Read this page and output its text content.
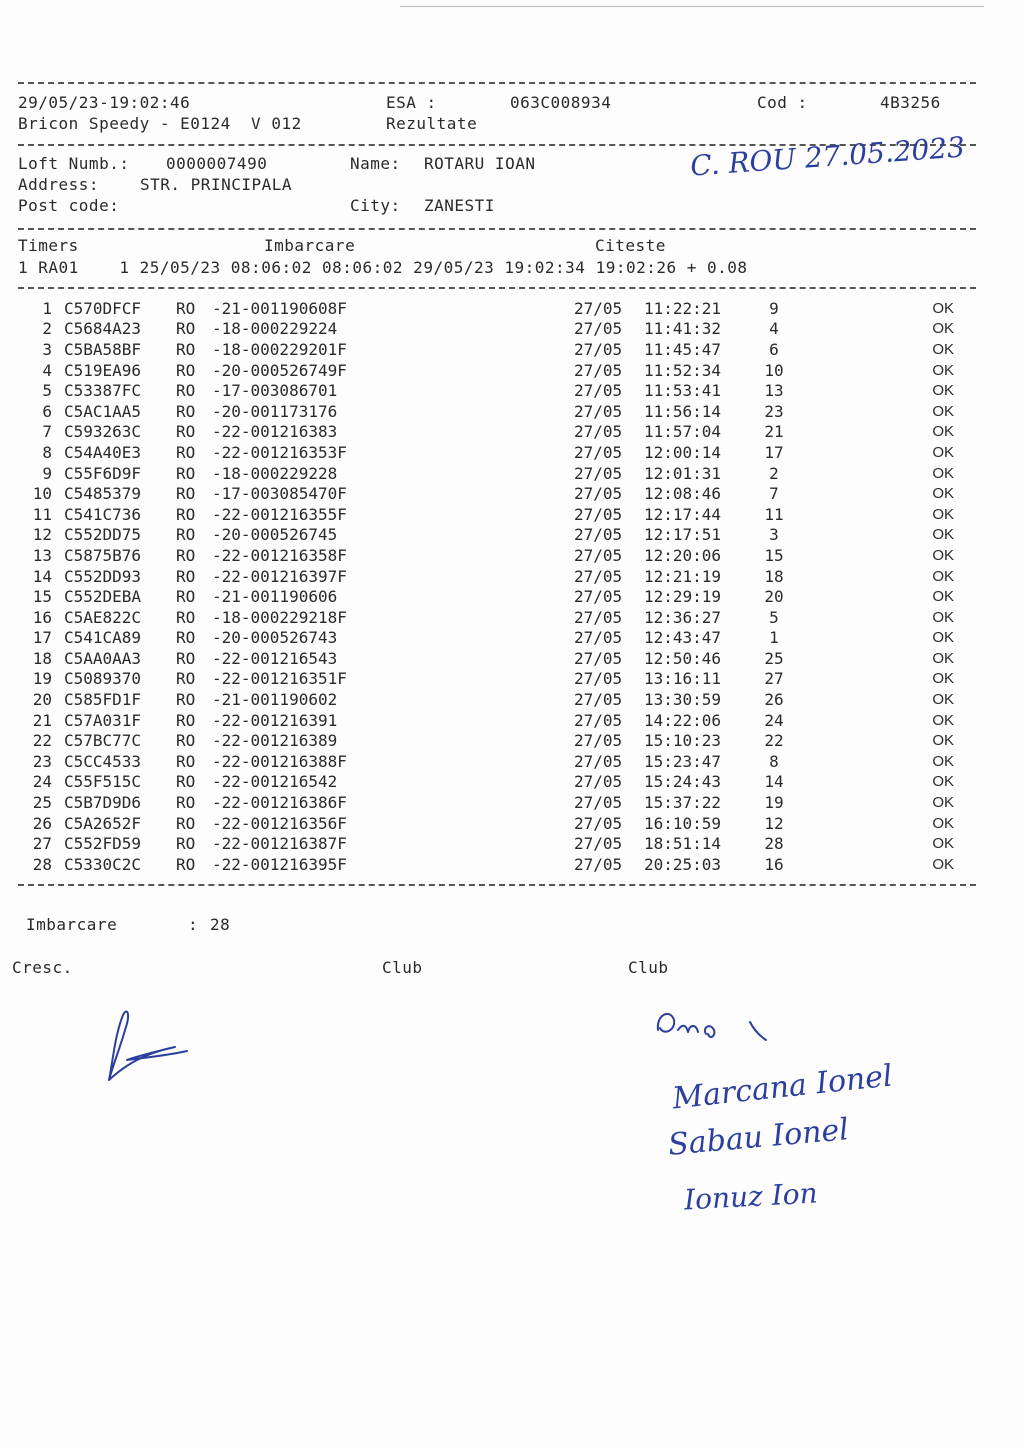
29/05/23-19:02:46	ESA :	063C008934	Cod :	4B3256
Bricon Speedy - E0124  V 012	Rezultate
Loft Numb.: 0000007490	Name: ROTARU IOAN
Address:	STR. PRINCIPALA
Post code:	City: ZANESTI
C. ROU 27.05.2023
Timers	Imbarcare	Citeste
1 RA01    1 25/05/23 08:06:02 08:06:02 29/05/23 19:02:34 19:02:26 + 0.08
1	C570DFCF	RO	-21-001190608F	27/05	11:22:21	9	OK
2	C5684A23	RO	-18-000229224	27/05	11:41:32	4	OK
3	C5BA58BF	RO	-18-000229201F	27/05	11:45:47	6	OK
4	C519EA96	RO	-20-000526749F	27/05	11:52:34	10	OK
5	C53387FC	RO	-17-003086701	27/05	11:53:41	13	OK
6	C5AC1AA5	RO	-20-001173176	27/05	11:56:14	23	OK
7	C593263C	RO	-22-001216383	27/05	11:57:04	21	OK
8	C54A40E3	RO	-22-001216353F	27/05	12:00:14	17	OK
9	C55F6D9F	RO	-18-000229228	27/05	12:01:31	2	OK
10	C5485379	RO	-17-003085470F	27/05	12:08:46	7	OK
11	C541C736	RO	-22-001216355F	27/05	12:17:44	11	OK
12	C552DD75	RO	-20-000526745	27/05	12:17:51	3	OK
13	C5875B76	RO	-22-001216358F	27/05	12:20:06	15	OK
14	C552DD93	RO	-22-001216397F	27/05	12:21:19	18	OK
15	C552DEBA	RO	-21-001190606	27/05	12:29:19	20	OK
16	C5AE822C	RO	-18-000229218F	27/05	12:36:27	5	OK
17	C541CA89	RO	-20-000526743	27/05	12:43:47	1	OK
18	C5AA0AA3	RO	-22-001216543	27/05	12:50:46	25	OK
19	C5089370	RO	-22-001216351F	27/05	13:16:11	27	OK
20	C585FD1F	RO	-21-001190602	27/05	13:30:59	26	OK
21	C57A031F	RO	-22-001216391	27/05	14:22:06	24	OK
22	C57BC77C	RO	-22-001216389	27/05	15:10:23	22	OK
23	C5CC4533	RO	-22-001216388F	27/05	15:23:47	8	OK
24	C55F515C	RO	-22-001216542	27/05	15:24:43	14	OK
25	C5B7D9D6	RO	-22-001216386F	27/05	15:37:22	19	OK
26	C5A2652F	RO	-22-001216356F	27/05	16:10:59	12	OK
27	C552FD59	RO	-22-001216387F	27/05	18:51:14	28	OK
28	C5330C2C	RO	-22-001216395F	27/05	20:25:03	16	OK
Imbarcare	: 28
Cresc.	Club	Club
Marcana Ionel
Sabau Ionel
Ionuz Ion
